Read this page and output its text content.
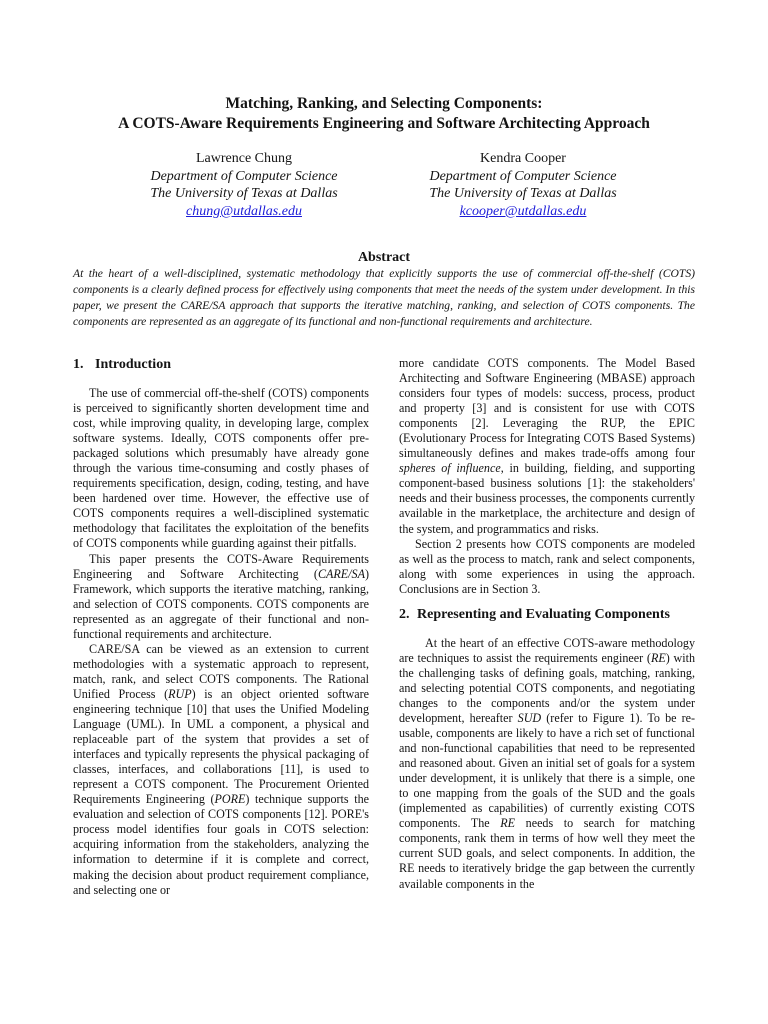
Matching, Ranking, and Selecting Components:
A COTS-Aware Requirements Engineering and Software Architecting Approach
Lawrence Chung
Department of Computer Science
The University of Texas at Dallas
chung@utdallas.edu
Kendra Cooper
Department of Computer Science
The University of Texas at Dallas
kcooper@utdallas.edu
Abstract

At the heart of a well-disciplined, systematic methodology that explicitly supports the use of commercial off-the-shelf (COTS) components is a clearly defined process for effectively using components that meet the needs of the system under development. In this paper, we present the CARE/SA approach that supports the iterative matching, ranking, and selection of COTS components. The components are represented as an aggregate of its functional and non-functional requirements and architecture.

1. Introduction

The use of commercial off-the-shelf (COTS) components is perceived to significantly shorten development time and cost, while improving quality, in developing large, complex software systems. Ideally, COTS components offer pre-packaged solutions which presumably have already gone through the various time-consuming and costly phases of requirements specification, design, coding, testing, and have been hardened over time. However, the effective use of COTS components requires a well-disciplined systematic methodology that facilitates the exploitation of the benefits of COTS components while guarding against their pitfalls.

This paper presents the COTS-Aware Requirements Engineering and Software Architecting (CARE/SA) Framework, which supports the iterative matching, ranking, and selection of COTS components. COTS components are represented as an aggregate of their functional and non-functional requirements and architecture.

CARE/SA can be viewed as an extension to current methodologies with a systematic approach to represent, match, rank, and select COTS components. The Rational Unified Process (RUP) is an object oriented software engineering technique [10] that uses the Unified Modeling Language (UML). In UML a component, a physical and replaceable part of the system that provides a set of interfaces and typically represents the physical packaging of classes, interfaces, and collaborations [11], is used to represent a COTS component. The Procurement Oriented Requirements Engineering (PORE) technique supports the evaluation and selection of COTS components [12]. PORE's process model identifies four goals in COTS selection: acquiring information from the stakeholders, analyzing the information to determine if it is complete and correct, making the decision about product requirement compliance, and selecting one or

more candidate COTS components. The Model Based Architecting and Software Engineering (MBASE) approach considers four types of models: success, process, product and property [3] and is consistent for use with COTS components [2]. Leveraging the RUP, the EPIC (Evolutionary Process for Integrating COTS Based Systems) simultaneously defines and makes trade-offs among four spheres of influence, in building, fielding, and supporting component-based business solutions [1]: the stakeholders' needs and their business processes, the components currently available in the marketplace, the architecture and design of the system, and programmatics and risks.

Section 2 presents how COTS components are modeled as well as the process to match, rank and select components, along with some experiences in using the approach. Conclusions are in Section 3.

2. Representing and Evaluating Components

At the heart of an effective COTS-aware methodology are techniques to assist the requirements engineer (RE) with the challenging tasks of defining goals, matching, ranking, and selecting potential COTS components, and negotiating changes to the components and/or the system under development, hereafter SUD (refer to Figure 1). To be re-usable, components are likely to have a rich set of functional and non-functional capabilities that need to be represented and reasoned about. Given an initial set of goals for a system under development, it is unlikely that there is a simple, one to one mapping from the goals of the SUD and the goals (implemented as capabilities) of currently existing COTS components. The RE needs to search for matching components, rank them in terms of how well they meet the current SUD goals, and select components. In addition, the RE needs to iteratively bridge the gap between the currently available components in the
